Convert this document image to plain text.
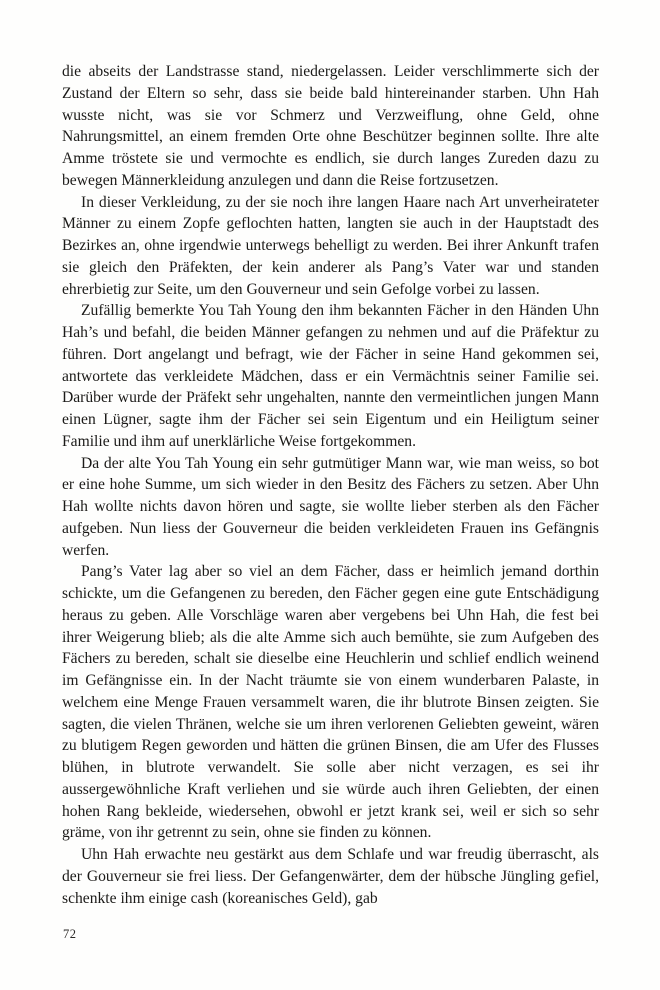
die abseits der Landstrasse stand, niedergelassen. Leider verschlimmerte sich der Zustand der Eltern so sehr, dass sie beide bald hintereinander starben. Uhn Hah wusste nicht, was sie vor Schmerz und Verzweiflung, ohne Geld, ohne Nahrungsmittel, an einem fremden Orte ohne Beschützer beginnen sollte. Ihre alte Amme tröstete sie und vermochte es endlich, sie durch langes Zureden dazu zu bewegen Männerkleidung anzulegen und dann die Reise fortzusetzen.

In dieser Verkleidung, zu der sie noch ihre langen Haare nach Art unverheirateter Männer zu einem Zopfe geflochten hatten, langten sie auch in der Hauptstadt des Bezirkes an, ohne irgendwie unterwegs behelligt zu werden. Bei ihrer Ankunft trafen sie gleich den Präfekten, der kein anderer als Pang’s Vater war und standen ehrerbietig zur Seite, um den Gouverneur und sein Gefolge vorbei zu lassen.

Zufällig bemerkte You Tah Young den ihm bekannten Fächer in den Händen Uhn Hah’s und befahl, die beiden Männer gefangen zu nehmen und auf die Präfektur zu führen. Dort angelangt und befragt, wie der Fächer in seine Hand gekommen sei, antwortete das verkleidete Mädchen, dass er ein Vermächtnis seiner Familie sei. Darüber wurde der Präfekt sehr ungehalten, nannte den vermeintlichen jungen Mann einen Lügner, sagte ihm der Fächer sei sein Eigentum und ein Heiligtum seiner Familie und ihm auf unerklärliche Weise fortgekommen.

Da der alte You Tah Young ein sehr gutmütiger Mann war, wie man weiss, so bot er eine hohe Summe, um sich wieder in den Besitz des Fächers zu setzen. Aber Uhn Hah wollte nichts davon hören und sagte, sie wollte lieber sterben als den Fächer aufgeben. Nun liess der Gouverneur die beiden verkleideten Frauen ins Gefängnis werfen.

Pang’s Vater lag aber so viel an dem Fächer, dass er heimlich jemand dorthin schickte, um die Gefangenen zu bereden, den Fächer gegen eine gute Entschädigung heraus zu geben. Alle Vorschläge waren aber vergebens bei Uhn Hah, die fest bei ihrer Weigerung blieb; als die alte Amme sich auch bemühte, sie zum Aufgeben des Fächers zu bereden, schalt sie dieselbe eine Heuchlerin und schlief endlich weinend im Gefängnisse ein. In der Nacht träumte sie von einem wunderbaren Palaste, in welchem eine Menge Frauen versammelt waren, die ihr blutrote Binsen zeigten. Sie sagten, die vielen Thränen, welche sie um ihren verlorenen Geliebten geweint, wären zu blutigem Regen geworden und hätten die grünen Binsen, die am Ufer des Flusses blühen, in blutrote verwandelt. Sie solle aber nicht verzagen, es sei ihr aussergewöhnliche Kraft verliehen und sie würde auch ihren Geliebten, der einen hohen Rang bekleide, wiedersehen, obwohl er jetzt krank sei, weil er sich so sehr gräme, von ihr getrennt zu sein, ohne sie finden zu können.

Uhn Hah erwachte neu gestärkt aus dem Schlafe und war freudig überrascht, als der Gouverneur sie frei liess. Der Gefangenwärter, dem der hübsche Jüngling gefiel, schenkte ihm einige cash (koreanisches Geld), gab

72
